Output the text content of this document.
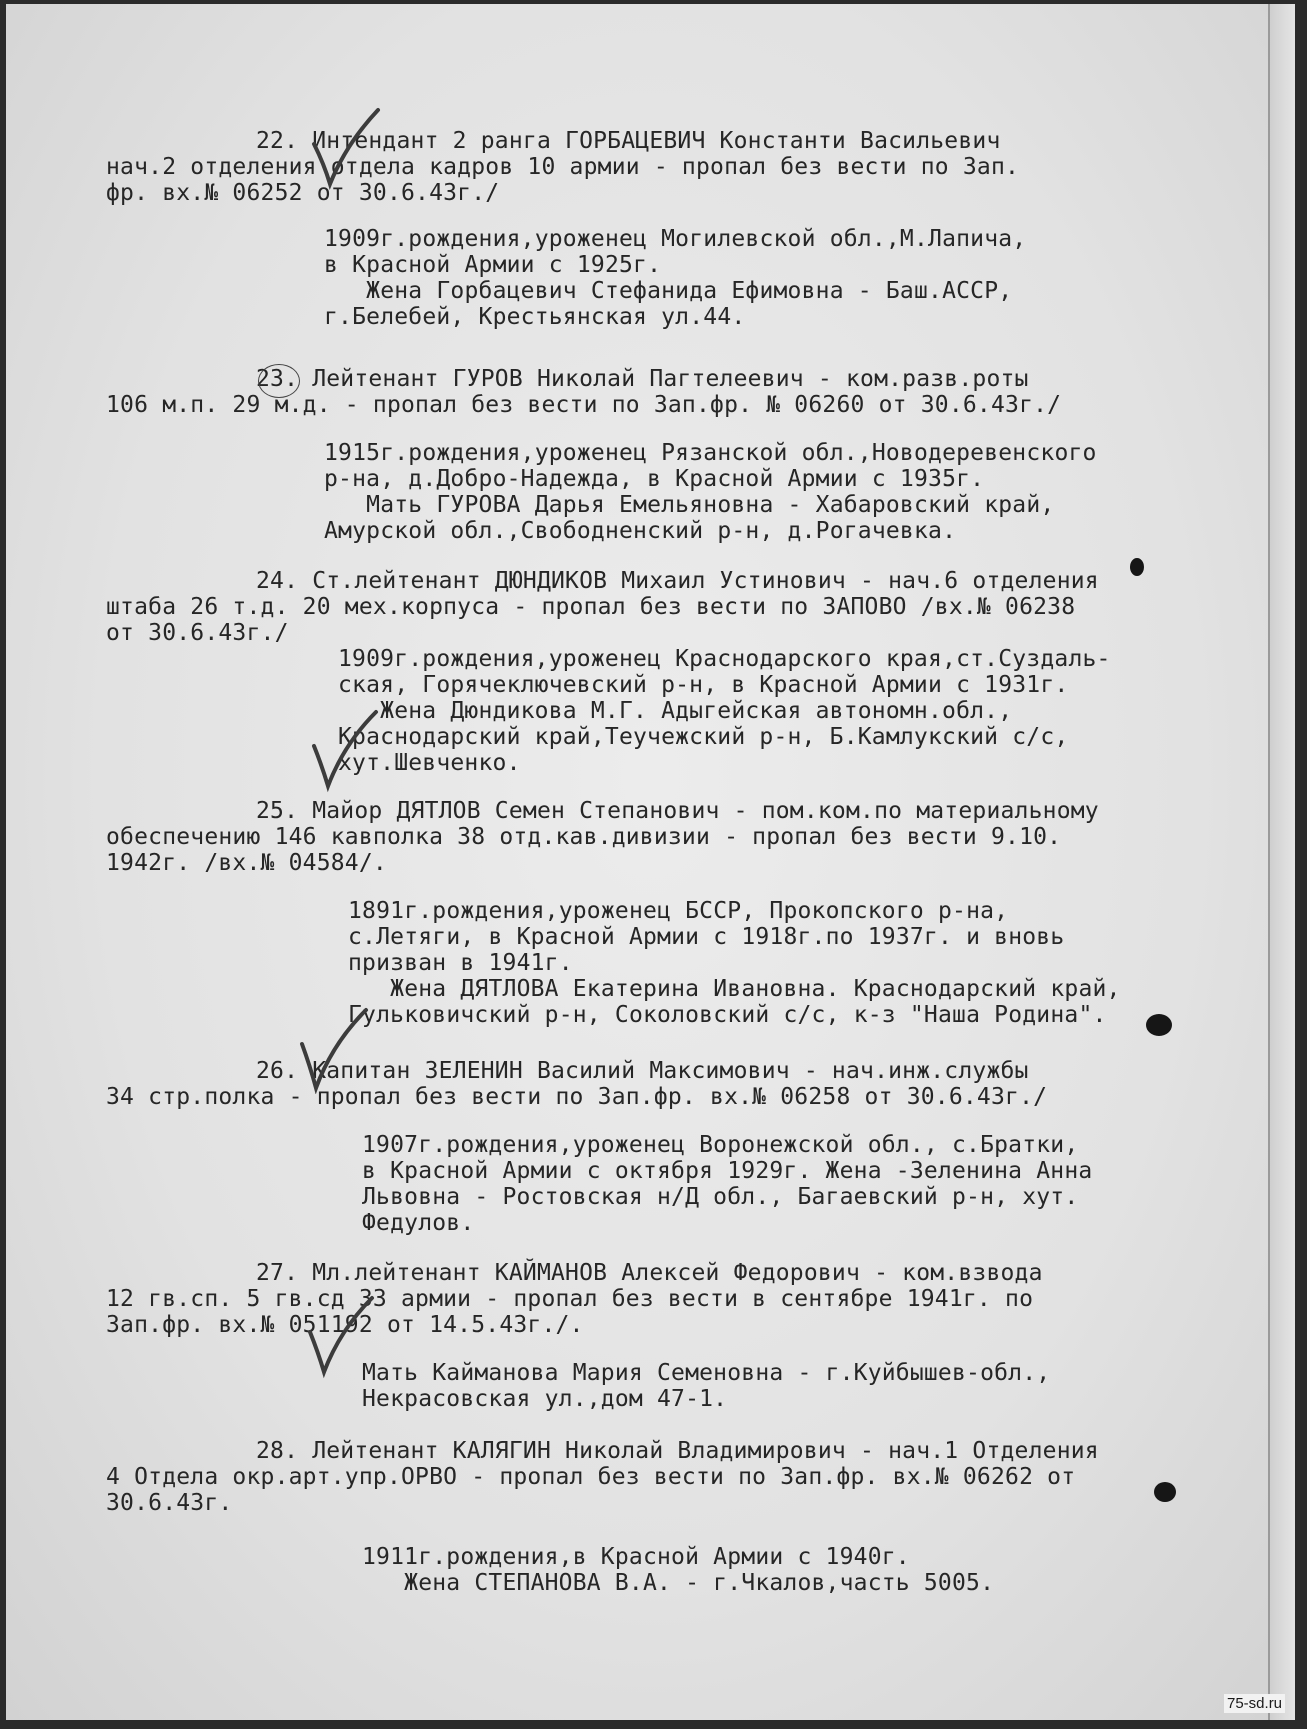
22. Интендант 2 ранга ГОРБАЦЕВИЧ Константи Васильевич
нач.2 отделения отдела кадров 10 армии - пропал без вести по Зап.
фр. вх.№ 06252 от 30.6.43г./
1909г.рождения,уроженец Могилевской обл.,М.Лапича,
в Красной Армии с 1925г.
Жена Горбацевич Стефанида Ефимовна - Баш.АССР,
г.Белебей, Крестьянская ул.44.
23. Лейтенант ГУРОВ Николай Пагтелеевич - ком.разв.роты
106 м.п. 29 м.д. - пропал без вести по Зап.фр. № 06260 от 30.6.43г./
1915г.рождения,уроженец Рязанской обл.,Новодеревенского
р-на, д.Добро-Надежда, в Красной Армии с 1935г.
Мать ГУРОВА Дарья Емельяновна - Хабаровский край,
Амурской обл.,Свободненский р-н, д.Рогачевка.
24. Ст.лейтенант ДЮНДИКОВ Михаил Устинович - нач.6 отделения
штаба 26 т.д. 20 мех.корпуса - пропал без вести по ЗАПОВО /вх.№ 06238
от 30.6.43г./
1909г.рождения,уроженец Краснодарского края,ст.Суздаль-
ская, Горячеключевский р-н, в Красной Армии с 1931г.
Жена Дюндикова М.Г. Адыгейская автономн.обл.,
Краснодарский край,Теучежский р-н, Б.Камлукский с/с,
хут.Шевченко.
25. Майор ДЯТЛОВ Семен Степанович - пом.ком.по материальному
обеспечению 146 кавполка 38 отд.кав.дивизии - пропал без вести 9.10.
1942г. /вх.№ 04584/.
1891г.рождения,уроженец БССР, Прокопского р-на,
с.Летяги, в Красной Армии с 1918г.по 1937г. и вновь
призван в 1941г.
Жена ДЯТЛОВА Екатерина Ивановна. Краснодарский край,
Гульковичский р-н, Соколовский с/с, к-з "Наша Родина".
26. Капитан ЗЕЛЕНИН Василий Максимович - нач.инж.службы
34 стр.полка - пропал без вести по Зап.фр. вх.№ 06258 от 30.6.43г./
1907г.рождения,уроженец Воронежской обл., с.Братки,
в Красной Армии с октября 1929г. Жена -Зеленина Анна
Львовна - Ростовская н/Д обл., Багаевский р-н, хут.
Федулов.
27. Мл.лейтенант КАЙМАНОВ Алексей Федорович - ком.взвода
12 гв.сп. 5 гв.сд 33 армии - пропал без вести в сентябре 1941г. по
Зап.фр. вх.№ 051192 от 14.5.43г./.
Мать Кайманова Мария Семеновна - г.Куйбышев-обл.,
Некрасовская ул.,дом 47-1.
28. Лейтенант КАЛЯГИН Николай Владимирович - нач.1 Отделения
4 Отдела окр.арт.упр.ОРВО - пропал без вести по Зап.фр. вх.№ 06262 от
30.6.43г.
1911г.рождения,в Красной Армии с 1940г.
Жена СТЕПАНОВА В.А. - г.Чкалов,часть 5005.
75-sd.ru
